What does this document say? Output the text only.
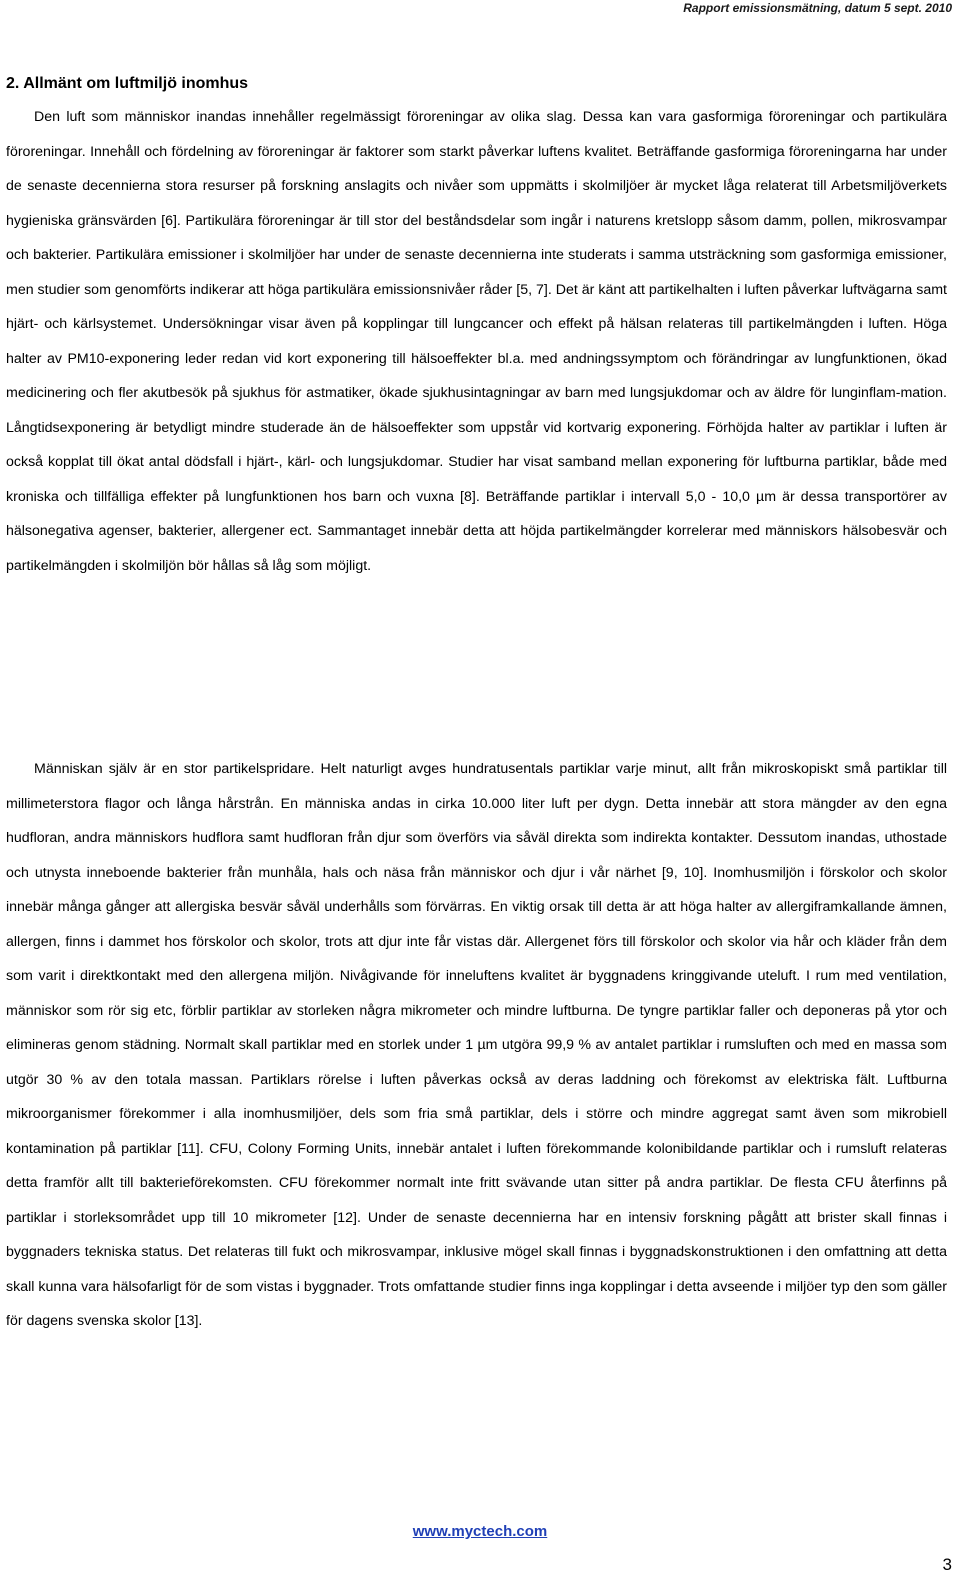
Rapport emissionsmätning, datum 5 sept. 2010
2. Allmänt om luftmiljö inomhus
Den luft som människor inandas innehåller regelmässigt föroreningar av olika slag. Dessa kan vara gasformiga föroreningar och partikulära föroreningar. Innehåll och fördelning av föroreningar är faktorer som starkt påverkar luftens kvalitet. Beträffande gasformiga föroreningarna har under de senaste decennierna stora resurser på forskning anslagits och nivåer som uppmätts i skolmiljöer är mycket låga relaterat till Arbetsmiljöverkets hygieniska gränsvärden [6]. Partikulära föroreningar är till stor del beståndsdelar som ingår i naturens kretslopp såsom damm, pollen, mikrosvampar och bakterier. Partikulära emissioner i skolmiljöer har under de senaste decennierna inte studerats i samma utsträckning som gasformiga emissioner, men studier som genomförts indikerar att höga partikulära emissionsnivåer råder [5, 7]. Det är känt att partikelhalten i luften påverkar luftvägarna samt hjärt- och kärlsystemet. Undersökningar visar även på kopplingar till lungcancer och effekt på hälsan relateras till partikelmängden i luften. Höga halter av PM10-exponering leder redan vid kort exponering till hälsoeffekter bl.a. med andningssymptom och förändringar av lungfunktionen, ökad medicinering och fler akutbesök på sjukhus för astmatiker, ökade sjukhusintagningar av barn med lungsjukdomar och av äldre för lunginflam-mation. Långtidsexponering är betydligt mindre studerade än de hälsoeffekter som uppstår vid kortvarig exponering. Förhöjda halter av partiklar i luften är också kopplat till ökat antal dödsfall i hjärt-, kärl- och lungsjukdomar. Studier har visat samband mellan exponering för luftburna partiklar, både med kroniska och tillfälliga effekter på lungfunktionen hos barn och vuxna [8]. Beträffande partiklar i intervall 5,0 - 10,0 µm är dessa transportörer av hälsonegativa agenser, bakterier, allergener ect. Sammantaget innebär detta att höjda partikelmängder korrelerar med människors hälsobesvär och partikelmängden i skolmiljön bör hållas så låg som möjligt.
Människan själv är en stor partikelspridare. Helt naturligt avges hundratusentals partiklar varje minut, allt från mikroskopiskt små partiklar till millimeterstora flagor och långa hårstrån. En människa andas in cirka 10.000 liter luft per dygn. Detta innebär att stora mängder av den egna hudfloran, andra människors hudflora samt hudfloran från djur som överförs via såväl direkta som indirekta kontakter. Dessutom inandas, uthostade och utnysta inneboende bakterier från munhåla, hals och näsa från människor och djur i vår närhet [9, 10]. Inomhusmiljön i förskolor och skolor innebär många gånger att allergiska besvär såväl underhålls som förvärras. En viktig orsak till detta är att höga halter av allergiframkallande ämnen, allergen, finns i dammet hos förskolor och skolor, trots att djur inte får vistas där. Allergenet förs till förskolor och skolor via hår och kläder från dem som varit i direktkontakt med den allergena miljön. Nivågivande för inneluftens kvalitet är byggnadens kringgivande uteluft. I rum med ventilation, människor som rör sig etc, förblir partiklar av storleken några mikrometer och mindre luftburna. De tyngre partiklar faller och deponeras på ytor och elimineras genom städning. Normalt skall partiklar med en storlek under 1 µm utgöra 99,9 % av antalet partiklar i rumsluften och med en massa som utgör 30 % av den totala massan. Partiklars rörelse i luften påverkas också av deras laddning och förekomst av elektriska fält. Luftburna mikroorganismer förekommer i alla inomhusmiljöer, dels som fria små partiklar, dels i större och mindre aggregat samt även som mikrobiell kontamination på partiklar [11]. CFU, Colony Forming Units, innebär antalet i luften förekommande kolonibildande partiklar och i rumsluft relateras detta framför allt till bakterieförekomsten. CFU förekommer normalt inte fritt svävande utan sitter på andra partiklar. De flesta CFU återfinns på partiklar i storleksområdet upp till 10 mikrometer [12]. Under de senaste decennierna har en intensiv forskning pågått att brister skall finnas i byggnaders tekniska status. Det relateras till fukt och mikrosvampar, inklusive mögel skall finnas i byggnadskonstruktionen i den omfattning att detta skall kunna vara hälsofarligt för de som vistas i byggnader. Trots omfattande studier finns inga kopplingar i detta avseende i miljöer typ den som gäller för dagens svenska skolor [13].
www.myctech.com
3
